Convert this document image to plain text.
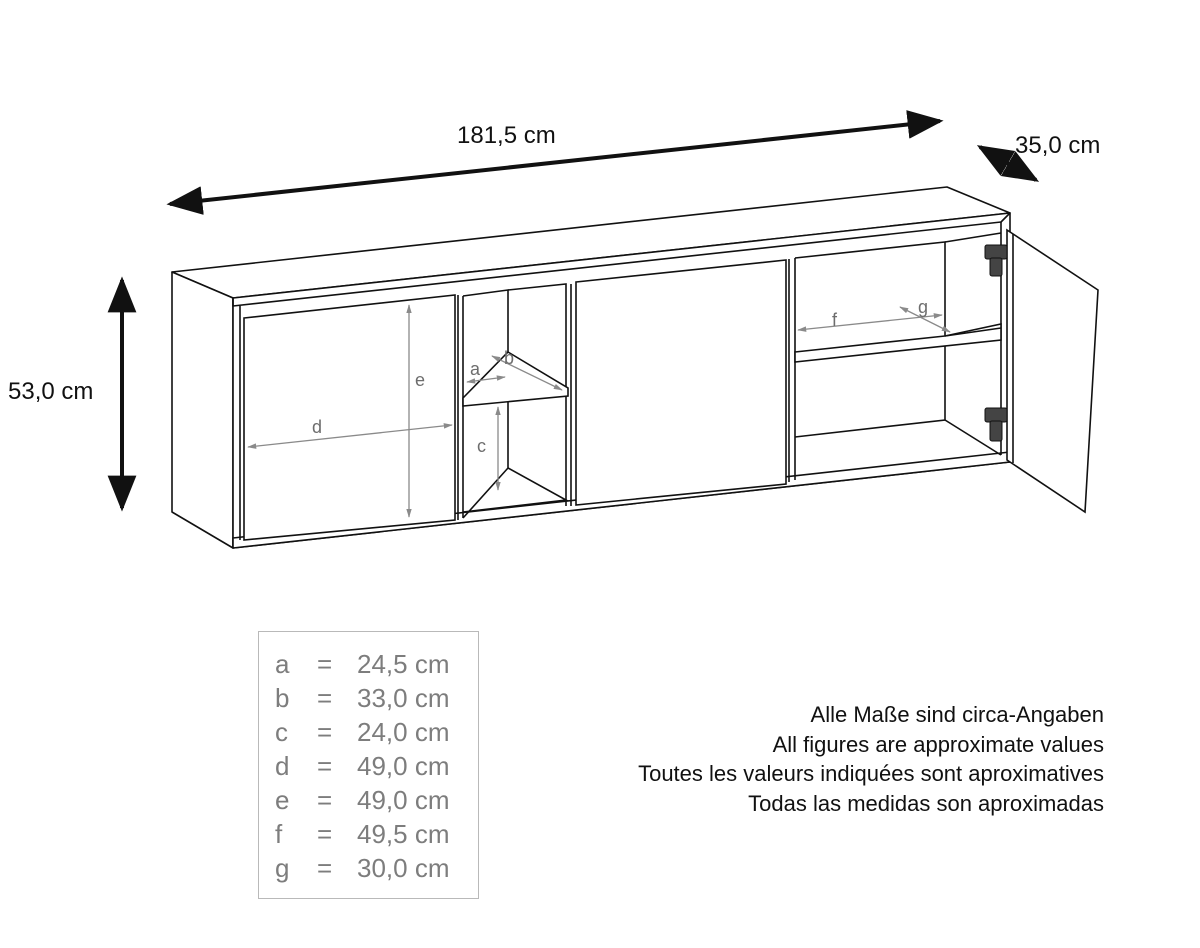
181,5 cm	35,0 cm
53,0 cm
a
b
c
d
e
f
g
a = 24,5 cm
b = 33,0 cm
c = 24,0 cm
d = 49,0 cm
e = 49,0 cm
f = 49,5 cm
g = 30,0 cm
Alle Maße sind circa-Angaben
All figures are approximate values
Toutes les valeurs indiquées sont aproximatives
Todas las medidas son aproximadas
